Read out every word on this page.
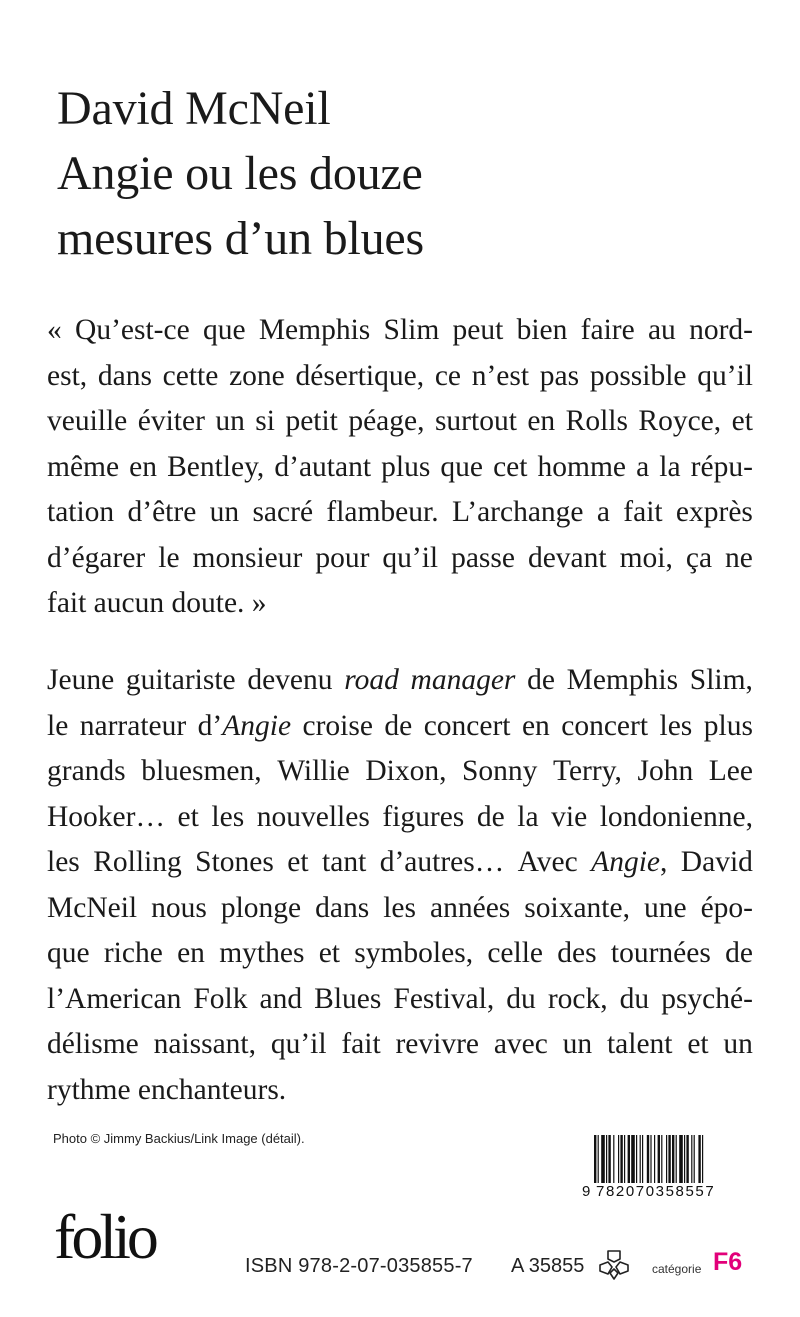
David McNeil
Angie ou les douze
mesures d’un blues
« Qu’est-ce que Memphis Slim peut bien faire au nord-
est, dans cette zone désertique, ce n’est pas possible qu’il
veuille éviter un si petit péage, surtout en Rolls Royce, et
même en Bentley, d’autant plus que cet homme a la répu-
tation d’être un sacré flambeur. L’archange a fait exprès
d’égarer le monsieur pour qu’il passe devant moi, ça ne
fait aucun doute. »
Jeune guitariste devenu road manager de Memphis Slim,
le narrateur d’Angie croise de concert en concert les plus
grands bluesmen, Willie Dixon, Sonny Terry, John Lee
Hooker… et les nouvelles figures de la vie londonienne,
les Rolling Stones et tant d’autres… Avec Angie, David
McNeil nous plonge dans les années soixante, une épo-
que riche en mythes et symboles, celle des tournées de
l’American Folk and Blues Festival, du rock, du psyché-
délisme naissant, qu’il fait revivre avec un talent et un
rythme enchanteurs.
Photo © Jimmy Backius/Link Image (détail).
9 782070358557
folio	ISBN 978-2-07-035855-7 A 35855	catégorie F6
